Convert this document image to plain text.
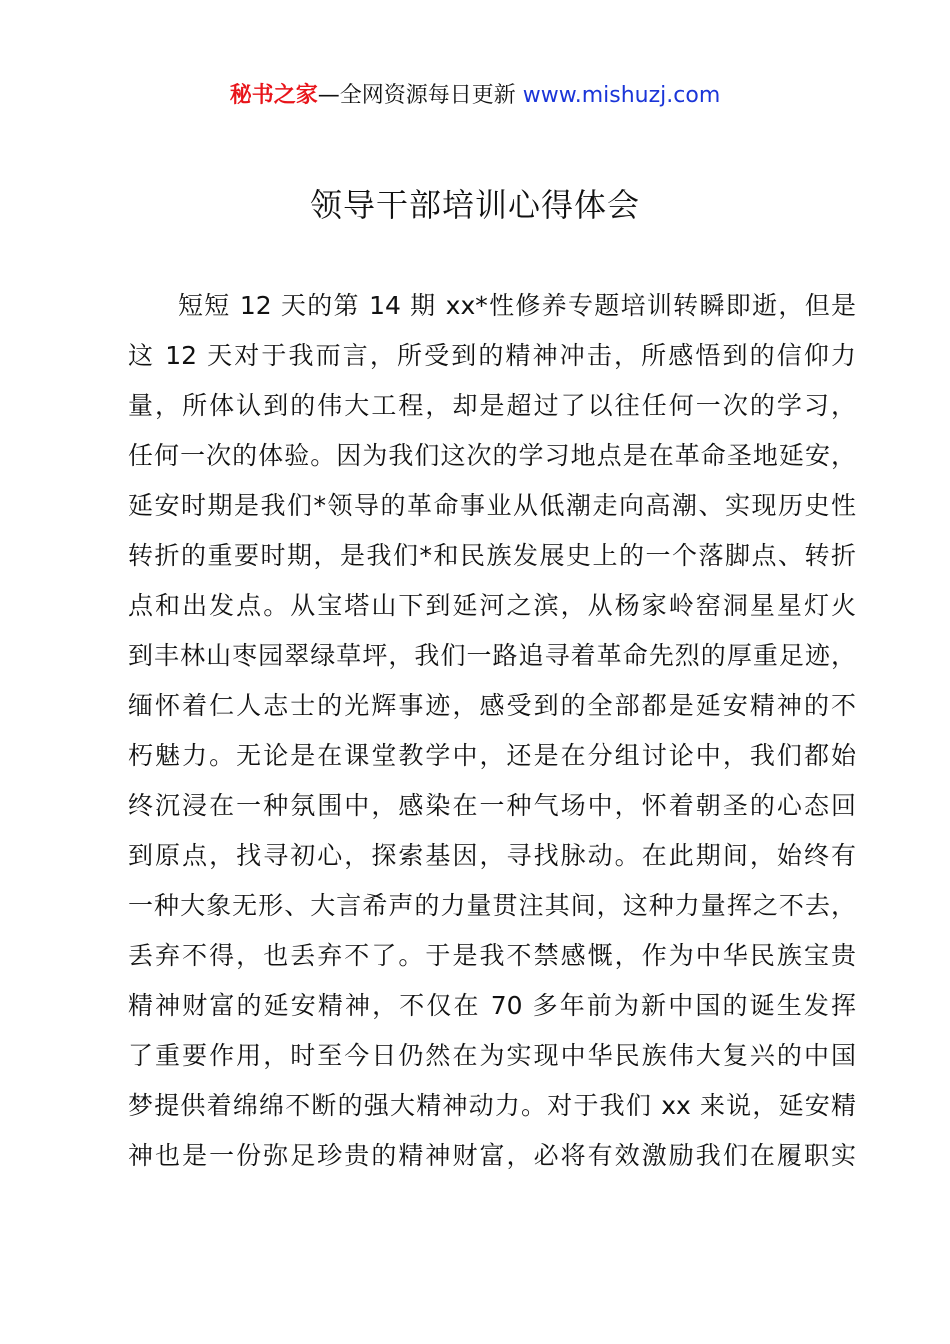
秘书之家—全网资源每日更新 www.mishuzj.com
领导干部培训心得体会
短短 12 天的第 14 期 xx*性修养专题培训转瞬即逝，但是
这 12 天对于我而言，所受到的精神冲击，所感悟到的信仰力
量，所体认到的伟大工程，却是超过了以往任何一次的学习，
任何一次的体验。因为我们这次的学习地点是在革命圣地延安，
延安时期是我们*领导的革命事业从低潮走向高潮、实现历史性
转折的重要时期，是我们*和民族发展史上的一个落脚点、转折
点和出发点。从宝塔山下到延河之滨，从杨家岭窑洞星星灯火
到丰林山枣园翠绿草坪，我们一路追寻着革命先烈的厚重足迹，
缅怀着仁人志士的光辉事迹，感受到的全部都是延安精神的不
朽魅力。无论是在课堂教学中，还是在分组讨论中，我们都始
终沉浸在一种氛围中，感染在一种气场中，怀着朝圣的心态回
到原点，找寻初心，探索基因，寻找脉动。在此期间，始终有
一种大象无形、大言希声的力量贯注其间，这种力量挥之不去，
丢弃不得，也丢弃不了。于是我不禁感慨，作为中华民族宝贵
精神财富的延安精神，不仅在 70 多年前为新中国的诞生发挥
了重要作用，时至今日仍然在为实现中华民族伟大复兴的中国
梦提供着绵绵不断的强大精神动力。对于我们 xx 来说，延安精
神也是一份弥足珍贵的精神财富，必将有效激励我们在履职实
